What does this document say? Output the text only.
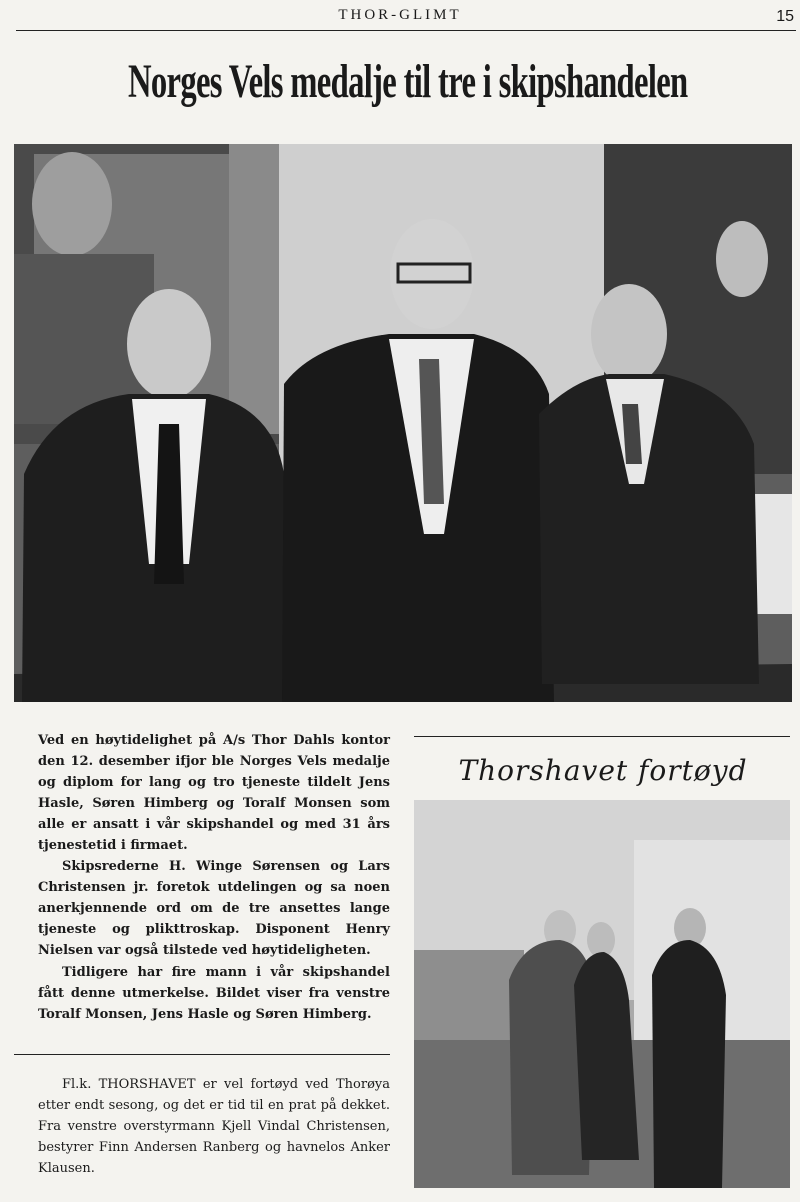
THOR-GLIMT	15
Norges Vels medalje til tre i skipshandelen

Ved en høytidelighet på A/s Thor Dahls kontor den 12. desember ifjor ble Norges Vels medalje og diplom for lang og tro tjeneste tildelt Jens Hasle, Søren Himberg og Toralf Monsen som alle er ansatt i vår skipshandel og med 31 års tjenestetid i firmaet.

Skipsrederne H. Winge Sørensen og Lars Christensen jr. foretok utdelingen og sa noen anerkjennende ord om de tre ansettes lange tjeneste og plikttroskap. Disponent Henry Nielsen var også tilstede ved høytideligheten.

Tidligere har fire mann i vår skipshandel fått denne utmerkelse. Bildet viser fra venstre Toralf Monsen, Jens Hasle og Søren Himberg.

Thorshavet fortøyd

Fl.k. THORSHAVET er vel fortøyd ved Thorøya etter endt sesong, og det er tid til en prat på dekket. Fra venstre overstyrmann Kjell Vindal Christensen, bestyrer Finn Andersen Ranberg og havnelos Anker Klausen.
